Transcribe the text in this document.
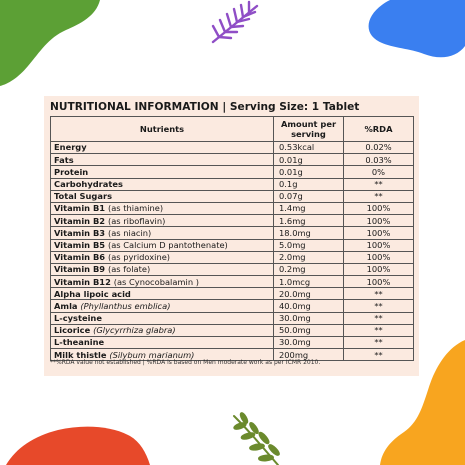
NUTRITIONAL INFORMATION | Serving Size: 1 Tablet
Nutrients	Amount per serving	%RDA
Energy	0.53kcal	0.02%
Fats	0.01g	0.03%
Protein	0.01g	0%
Carbohydrates	0.1g	**
Total Sugars	0.07g	**
Vitamin B1 (as thiamine)	1.4mg	100%
Vitamin B2 (as riboflavin)	1.6mg	100%
Vitamin B3 (as niacin)	18.0mg	100%
Vitamin B5 (as Calcium D pantothenate)	5.0mg	100%
Vitamin B6 (as pyridoxine)	2.0mg	100%
Vitamin B9 (as folate)	0.2mg	100%
Vitamin B12 (as Cynocobalamin )	1.0mcg	100%
Alpha lipoic acid	20.0mg	**
Amla (Phyllanthus emblica)	40.0mg	**
L-cysteine	30.0mg	**
Licorice (Glycyrrhiza glabra)	50.0mg	**
L-theanine	30.0mg	**
Milk thistle (Silybum marianum)	200mg	**
**%RDA value not established | %RDA is based on Men moderate work as per ICMR 2010.
